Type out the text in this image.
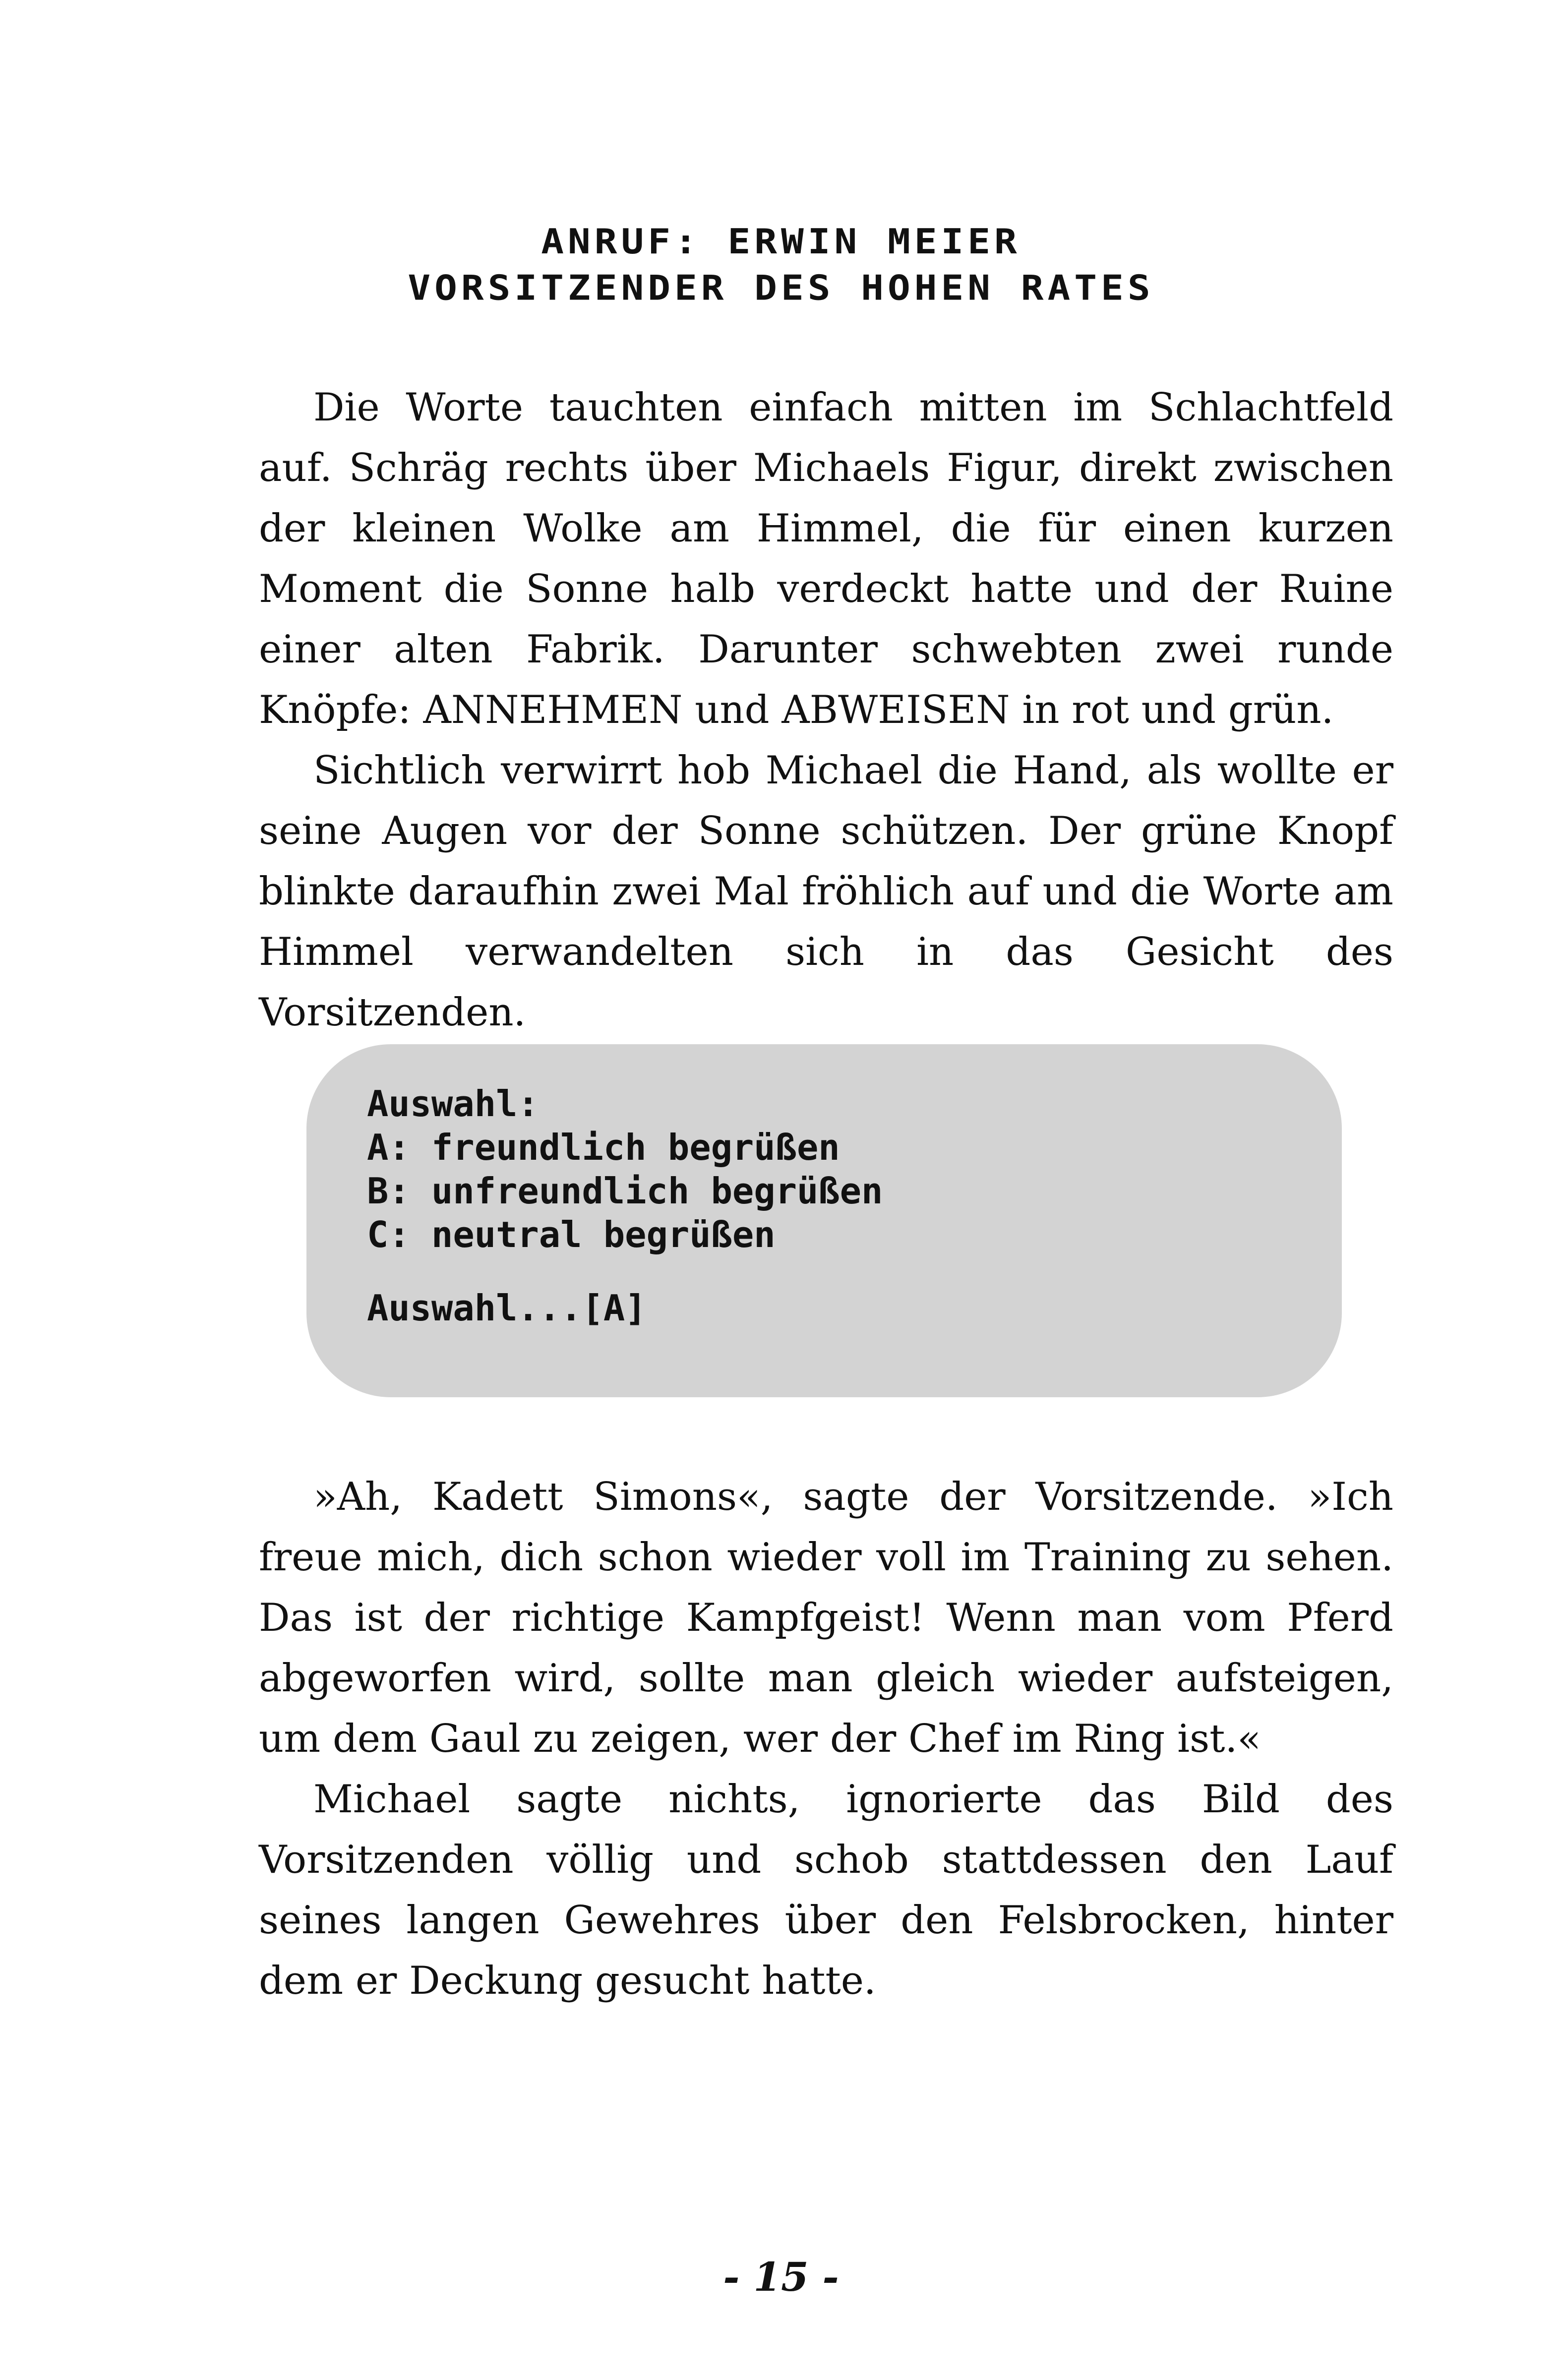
ANRUF: ERWIN MEIER
VORSITZENDER DES HOHEN RATES

Die Worte tauchten einfach mitten im Schlachtfeld auf. Schräg rechts über Michaels Figur, direkt zwischen der kleinen Wolke am Himmel, die für einen kurzen Moment die Sonne halb verdeckt hatte und der Ruine einer alten Fabrik. Darunter schwebten zwei runde Knöpfe: ANNEHMEN und ABWEISEN in rot und grün.

Sichtlich verwirrt hob Michael die Hand, als wollte er seine Augen vor der Sonne schützen. Der grüne Knopf blinkte daraufhin zwei Mal fröhlich auf und die Worte am Himmel verwandelten sich in das Gesicht des Vorsitzenden.

Auswahl:
A: freundlich begrüßen
B: unfreundlich begrüßen
C: neutral begrüßen
Auswahl...[A]

»Ah, Kadett Simons«, sagte der Vorsitzende. »Ich freue mich, dich schon wieder voll im Training zu sehen. Das ist der richtige Kampfgeist! Wenn man vom Pferd abgeworfen wird, sollte man gleich wieder aufsteigen, um dem Gaul zu zeigen, wer der Chef im Ring ist.«

Michael sagte nichts, ignorierte das Bild des Vorsitzenden völlig und schob stattdessen den Lauf seines langen Gewehres über den Felsbrocken, hinter dem er Deckung gesucht hatte.

- 15 -
